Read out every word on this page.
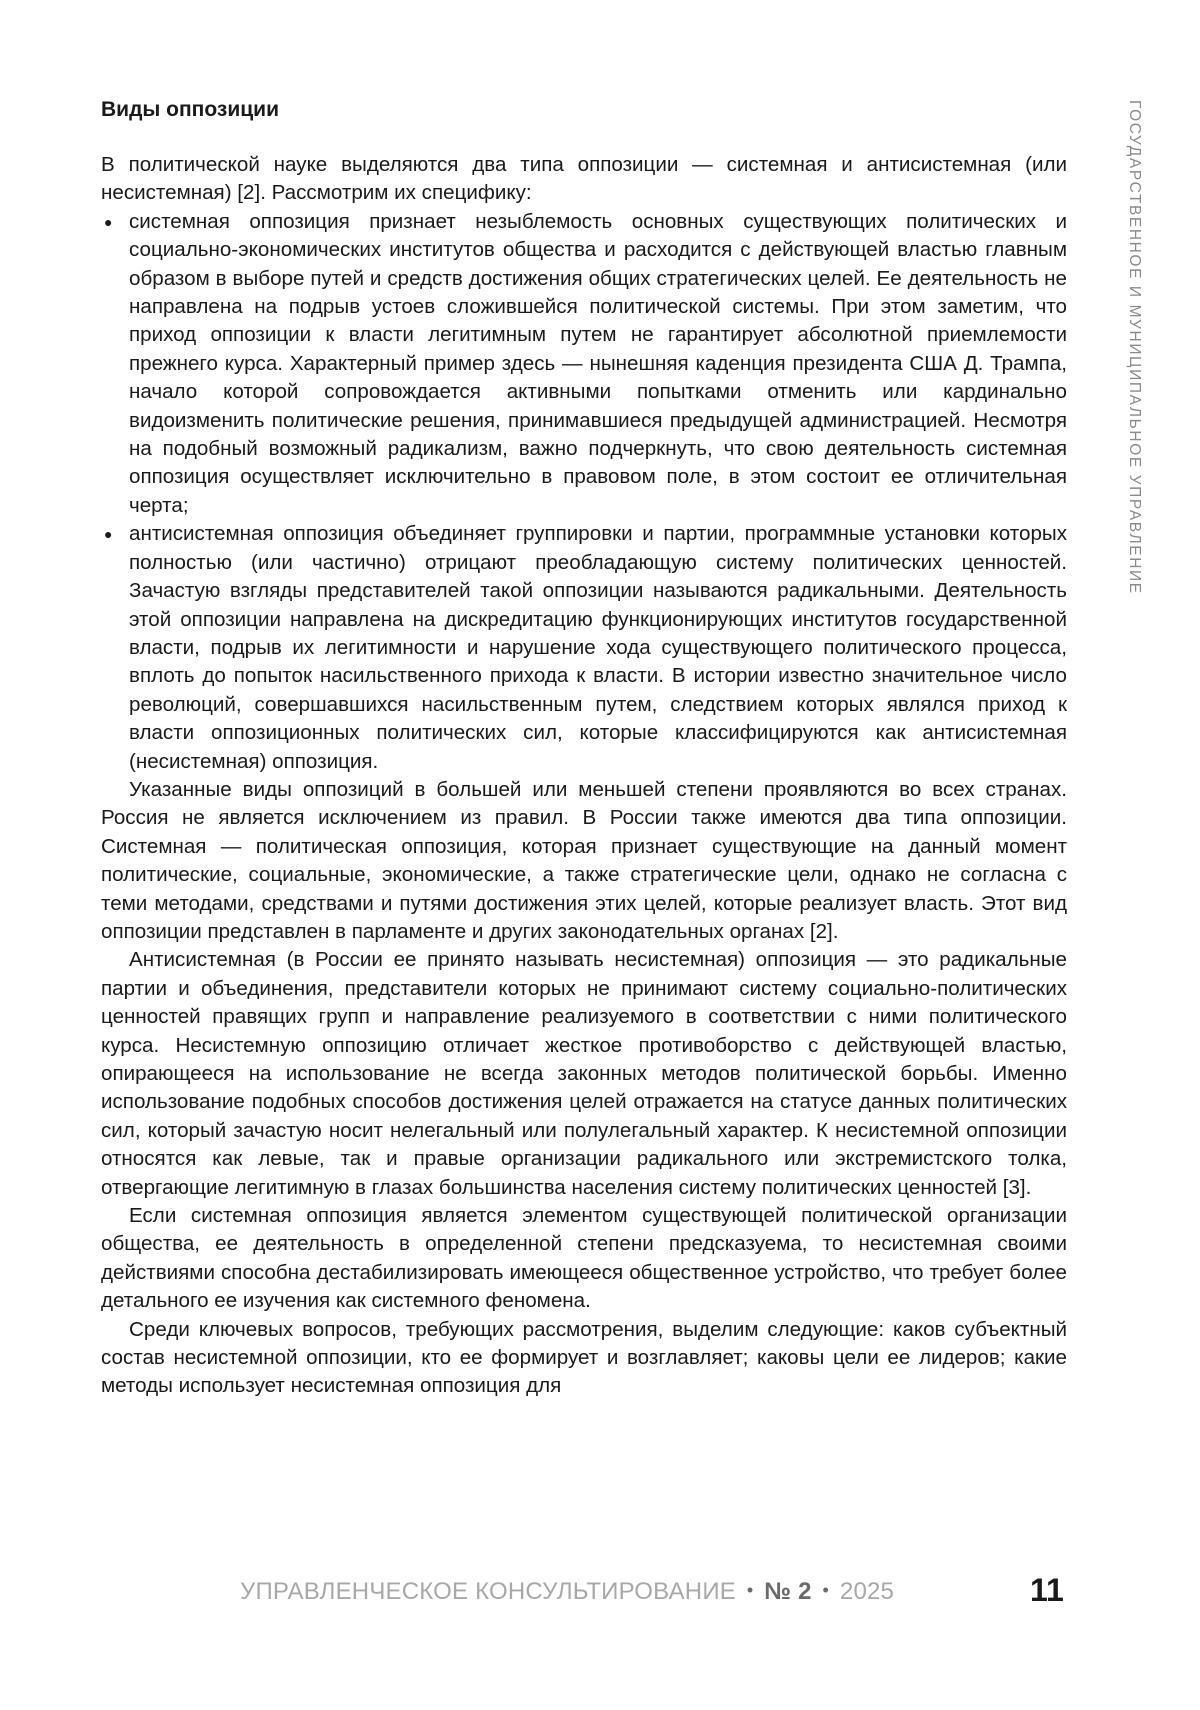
ГОСУДАРСТВЕННОЕ И МУНИЦИПАЛЬНОЕ УПРАВЛЕНИЕ
Виды оппозиции

В политической науке выделяются два типа оппозиции — системная и антисистемная (или несистемная) [2]. Рассмотрим их специфику:

● системная оппозиция признает незыблемость основных существующих политических и социально-экономических институтов общества и расходится с действующей властью главным образом в выборе путей и средств достижения общих стратегических целей. Ее деятельность не направлена на подрыв устоев сложившейся политической системы. При этом заметим, что приход оппозиции к власти легитимным путем не гарантирует абсолютной приемлемости прежнего курса. Характерный пример здесь — нынешняя каденция президента США Д. Трампа, начало которой сопровождается активными попытками отменить или кардинально видоизменить политические решения, принимавшиеся предыдущей администрацией. Несмотря на подобный возможный радикализм, важно подчеркнуть, что свою деятельность системная оппозиция осуществляет исключительно в правовом поле, в этом состоит ее отличительная черта;
● антисистемная оппозиция объединяет группировки и партии, программные установки которых полностью (или частично) отрицают преобладающую систему политических ценностей. Зачастую взгляды представителей такой оппозиции называются радикальными. Деятельность этой оппозиции направлена на дискредитацию функционирующих институтов государственной власти, подрыв их легитимности и нарушение хода существующего политического процесса, вплоть до попыток насильственного прихода к власти. В истории известно значительное число революций, совершавшихся насильственным путем, следствием которых являлся приход к власти оппозиционных политических сил, которые классифицируются как антисистемная (несистемная) оппозиция.

Указанные виды оппозиций в большей или меньшей степени проявляются во всех странах. Россия не является исключением из правил. В России также имеются два типа оппозиции. Системная — политическая оппозиция, которая признает существующие на данный момент политические, социальные, экономические, а также стратегические цели, однако не согласна с теми методами, средствами и путями достижения этих целей, которые реализует власть. Этот вид оппозиции представлен в парламенте и других законодательных органах [2].

Антисистемная (в России ее принято называть несистемная) оппозиция — это радикальные партии и объединения, представители которых не принимают систему социально-политических ценностей правящих групп и направление реализуемого в соответствии с ними политического курса. Несистемную оппозицию отличает жесткое противоборство с действующей властью, опирающееся на использование не всегда законных методов политической борьбы. Именно использование подобных способов достижения целей отражается на статусе данных политических сил, который зачастую носит нелегальный или полулегальный характер. К несистемной оппозиции относятся как левые, так и правые организации радикального или экстремистского толка, отвергающие легитимную в глазах большинства населения систему политических ценностей [3].

Если системная оппозиция является элементом существующей политической организации общества, ее деятельность в определенной степени предсказуема, то несистемная своими действиями способна дестабилизировать имеющееся общественное устройство, что требует более детального ее изучения как системного феномена.

Среди ключевых вопросов, требующих рассмотрения, выделим следующие: каков субъектный состав несистемной оппозиции, кто ее формирует и возглавляет; каковы цели ее лидеров; какие методы использует несистемная оппозиция для

УПРАВЛЕНЧЕСКОЕ КОНСУЛЬТИРОВАНИЕ • № 2 • 2025	11
